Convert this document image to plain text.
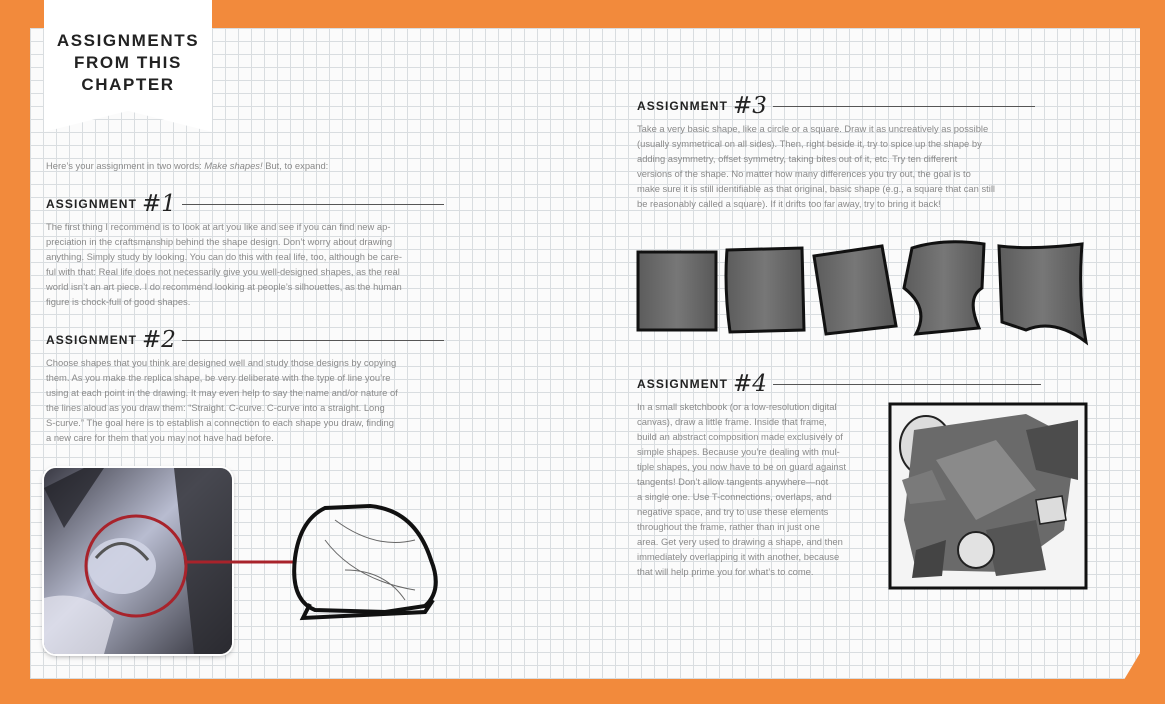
ASSIGNMENTS
FROM THIS
CHAPTER
Here’s your assignment in two words: Make shapes! But, to expand:
ASSIGNMENT #1
The first thing I recommend is to look at art you like and see if you can find new ap-
preciation in the craftsmanship behind the shape design. Don’t worry about drawing
anything. Simply study by looking. You can do this with real life, too, although be care-
ful with that: Real life does not necessarily give you well-designed shapes, as the real
world isn’t an art piece. I do recommend looking at people’s silhouettes, as the human
figure is chock-full of good shapes.
ASSIGNMENT #2
Choose shapes that you think are designed well and study those designs by copying
them. As you make the replica shape, be very deliberate with the type of line you’re
using at each point in the drawing. It may even help to say the name and/or nature of
the lines aloud as you draw them: “Straight. C-curve. C-curve into a straight. Long
S-curve.” The goal here is to establish a connection to each shape you draw, finding
a new care for them that you may not have had before.
ASSIGNMENT #3
Take a very basic shape, like a circle or a square. Draw it as uncreatively as possible
(usually symmetrical on all sides). Then, right beside it, try to spice up the shape by
adding asymmetry, offset symmetry, taking bites out of it, etc. Try ten different
versions of the shape. No matter how many differences you try out, the goal is to
make sure it is still identifiable as that original, basic shape (e.g., a square that can still
be reasonably called a square). If it drifts too far away, try to bring it back!
ASSIGNMENT #4
In a small sketchbook (or a low-resolution digital
canvas), draw a little frame. Inside that frame,
build an abstract composition made exclusively of
simple shapes. Because you’re dealing with mul-
tiple shapes, you now have to be on guard against
tangents! Don’t allow tangents anywhere—not
a single one. Use T-connections, overlaps, and
negative space, and try to use these elements
throughout the frame, rather than in just one
area. Get very used to drawing a shape, and then
immediately overlapping it with another, because
that will help prime you for what’s to come.
